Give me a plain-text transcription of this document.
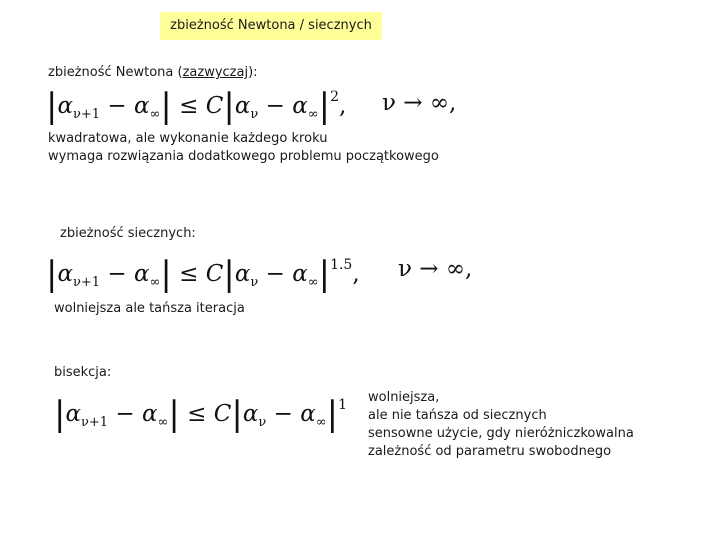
zbieżność Newtona / siecznych
zbieżność Newtona (zazwyczaj):
$|\alpha_{\nu+1} - \alpha_\infty| \le C|\alpha_\nu - \alpha_\infty|^2$, ν → ∞,
kwadratowa, ale wykonanie każdego kroku
wymaga rozwiązania dodatkowego problemu początkowego
zbieżność siecznych:
$|\alpha_{\nu+1} - \alpha_\infty| \le C|\alpha_\nu - \alpha_\infty|^{1.5}$, ν → ∞,
wolniejsza ale tańsza iteracja
bisekcja:
$|\alpha_{\nu+1} - \alpha_\infty| \le C|\alpha_\nu - \alpha_\infty|^1$ wolniejsza,
ale nie tańsza od siecznych
sensowne użycie, gdy nieróżniczkowalna
zależność od parametru swobodnego
